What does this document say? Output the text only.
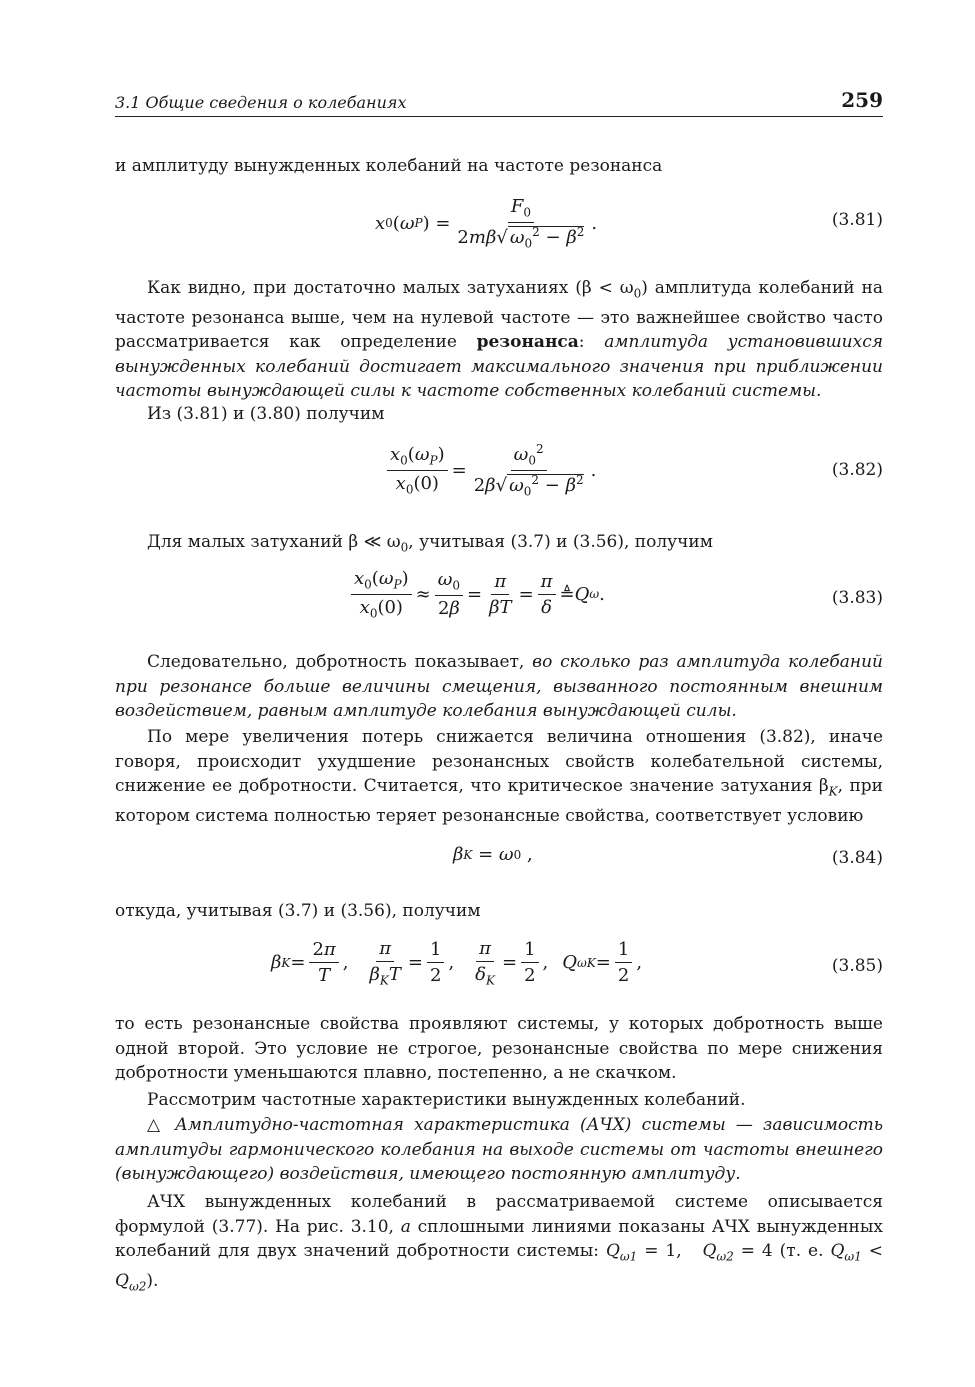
3.1 Общие сведения о колебаниях	259
и амплитуду вынужденных колебаний на частоте резонанса
x 0 ( ω P ) = $\frac{F_0}{2m\beta√ \omega_0^2 - \beta^2}$ .	(3.81)
Как видно, при достаточно малых затуханиях $(\beta < \omega_0)$ амплитуда колебаний на частоте резонанса выше, чем на нулевой частоте — это важнейшее свойство часто рассматривается как определение резонанса: амплитуда установившихся вынужденных колебаний достигает максимального значения при приближении частоты вынуждающей силы к частоте собственных колебаний системы.
Из (3.81) и (3.80) получим
$\frac{x_0(\omega_P)}{x_0(0)} = \frac{\omega_0^2}{2\beta√ \omega_0^2 - \beta^2}$ .	(3.82)
Для малых затуханий β ≪ $\omega_0$, учитывая (3.7) и (3.56), получим
$\frac{x_0(\omega_P)}{x_0(0)} \approx \frac{\omega_0}{2\beta} = \frac{\pi}{\beta T} = \frac{\pi}{\delta}$ ≜ Q ω .	(3.83)
Следовательно, добротность показывает, во сколько раз амплитуда колебаний при резонансе больше величины смещения, вызванного постоянным внешним воздействием, равным амплитуде колебания вынуждающей силы.
По мере увеличения потерь снижается величина отношения (3.82), иначе говоря, происходит ухудшение резонансных свойств колебательной системы, снижение ее добротности. Считается, что критическое значение затухания $\beta_K$, при котором система полностью теряет резонансные свойства, соответствует условию
β K = ω 0 ,	(3.84)
откуда, учитывая (3.7) и (3.56), получим
β $K = \frac{2\pi}{T}$ , $\frac{\pi}{\beta_KT} = \frac{1}{2}$ , $\frac{\pi}{\delta_K} = \frac{1}{2}$ , Q $\omega K = \frac{1}{2}$ ,	(3.85)
то есть резонансные свойства проявляют системы, у которых добротность выше одной второй. Это условие не строгое, резонансные свойства по мере снижения добротности уменьшаются плавно, постепенно, а не скачком.
Рассмотрим частотные характеристики вынужденных колебаний.
△ Амплитудно-частотная характеристика (АЧХ) системы — зависимость амплитуды гармонического колебания на выходе системы от частоты внешнего (вынуждающего) воздействия, имеющего постоянную амплитуду.
АЧХ вынужденных колебаний в рассматриваемой системе описывается формулой (3.77). На рис. 3.10, а сплошными линиями показаны АЧХ вынужденных колебаний для двух значений добротности системы: $Q_{\omega 1} = 1$,   $Q_{\omega 2} = 4$ (т. е. $Q_{\omega 1} < Q_{\omega 2}$).
